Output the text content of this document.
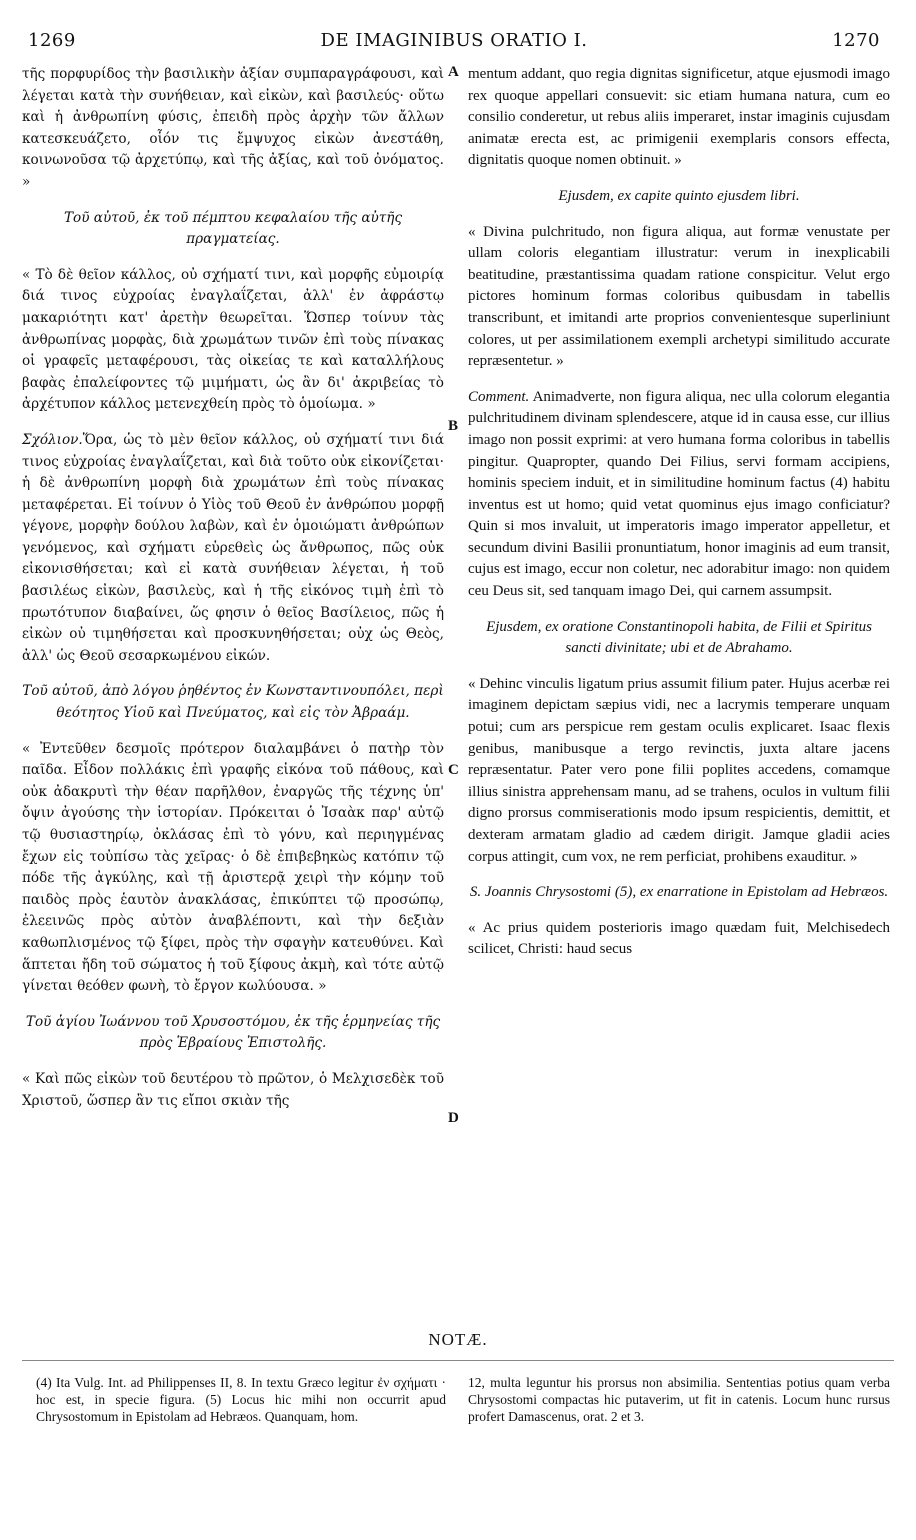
1269	DE IMAGINIBUS ORATIO I.	1270

τῆς πορφυρίδος τὴν βασιλικὴν ἀξίαν συμπαραγράφουσι, καὶ λέγεται κατὰ τὴν συνήθειαν, καὶ εἰκὼν, καὶ βασιλεύς· οὕτω καὶ ἡ ἀνθρωπίνη φύσις, ἐπειδὴ πρὸς ἀρχὴν τῶν ἄλλων κατεσκευάζετο, οἷόν τις ἔμψυχος εἰκὼν ἀνεστάθη, κοινωνοῦσα τῷ ἀρχετύπῳ, καὶ τῆς ἀξίας, καὶ τοῦ ὀνόματος. »

Τοῦ αὐτοῦ, ἐκ τοῦ πέμπτου κεφαλαίου τῆς αὐτῆς πραγματείας.

« Τὸ δὲ θεῖον κάλλος, οὐ σχήματί τινι, καὶ μορφῆς εὐμοιρίᾳ διά τινος εὐχροίας ἐναγλαΐζεται, ἀλλ' ἐν ἀφράστῳ μακαριότητι κατ' ἀρετὴν θεωρεῖται. Ὥσπερ τοίνυν τὰς ἀνθρωπίνας μορφὰς, διὰ χρωμάτων τινῶν ἐπὶ τοὺς πίνακας οἱ γραφεῖς μεταφέρουσι, τὰς οἰκείας τε καὶ καταλλήλους βαφὰς ἐπαλείφοντες τῷ μιμήματι, ὡς ἂν δι' ἀκριβείας τὸ ἀρχέτυπον κάλλος μετενεχθείη πρὸς τὸ ὁμοίωμα. »

Σχόλιον.Ὅρα, ὡς τὸ μὲν θεῖον κάλλος, οὐ σχήματί τινι διά τινος εὐχροίας ἐναγλαΐζεται, καὶ διὰ τοῦτο οὐκ εἰκονίζεται· ἡ δὲ ἀνθρωπίνη μορφὴ διὰ χρωμάτων ἐπὶ τοὺς πίνακας μεταφέρεται. Εἰ τοίνυν ὁ Υἱὸς τοῦ Θεοῦ ἐν ἀνθρώπου μορφῇ γέγονε, μορφὴν δούλου λαβὼν, καὶ ἐν ὁμοιώματι ἀνθρώπων γενόμενος, καὶ σχήματι εὑρεθεὶς ὡς ἄνθρωπος, πῶς οὐκ εἰκονισθήσεται; καὶ εἰ κατὰ συνήθειαν λέγεται, ἡ τοῦ βασιλέως εἰκὼν, βασιλεὺς, καὶ ἡ τῆς εἰκόνος τιμὴ ἐπὶ τὸ πρωτότυπον διαβαίνει, ὥς φησιν ὁ θεῖος Βασίλειος, πῶς ἡ εἰκὼν οὐ τιμηθήσεται καὶ προσκυνηθήσεται; οὐχ ὡς Θεὸς, ἀλλ' ὡς Θεοῦ σεσαρκωμένου εἰκών.

Τοῦ αὐτοῦ, ἀπὸ λόγου ῥηθέντος ἐν Κωνσταντινουπόλει, περὶ θεότητος Υἱοῦ καὶ Πνεύματος, καὶ εἰς τὸν Ἀβραάμ.

« Ἐντεῦθεν δεσμοῖς πρότερον διαλαμβάνει ὁ πατὴρ τὸν παῖδα. Εἶδον πολλάκις ἐπὶ γραφῆς εἰκόνα τοῦ πάθους, καὶ οὐκ ἀδακρυτὶ τὴν θέαν παρῆλθον, ἐναργῶς τῆς τέχνης ὑπ' ὄψιν ἀγούσης τὴν ἱστορίαν. Πρόκειται ὁ Ἰσαὰκ παρ' αὐτῷ τῷ θυσιαστηρίῳ, ὀκλάσας ἐπὶ τὸ γόνυ, καὶ περιηγμένας ἔχων εἰς τοὐπίσω τὰς χεῖρας· ὁ δὲ ἐπιβεβηκὼς κατόπιν τῷ πόδε τῆς ἀγκύλης, καὶ τῇ ἀριστερᾷ χειρὶ τὴν κόμην τοῦ παιδὸς πρὸς ἑαυτὸν ἀνακλάσας, ἐπικύπτει τῷ προσώπῳ, ἐλεεινῶς πρὸς αὐτὸν ἀναβλέποντι, καὶ τὴν δεξιὰν καθωπλισμένος τῷ ξίφει, πρὸς τὴν σφαγὴν κατευθύνει. Καὶ ἅπτεται ἤδη τοῦ σώματος ἡ τοῦ ξίφους ἀκμὴ, καὶ τότε αὐτῷ γίνεται θεόθεν φωνὴ, τὸ ἔργον κωλύουσα. »

Τοῦ ἁγίου Ἰωάννου τοῦ Χρυσοστόμου, ἐκ τῆς ἑρμηνείας τῆς πρὸς Ἑβραίους Ἐπιστολῆς.

« Καὶ πῶς εἰκὼν τοῦ δευτέρου τὸ πρῶτον, ὁ Μελχισεδὲκ τοῦ Χριστοῦ, ὥσπερ ἂν τις εἴποι σκιὰν τῆς

A
B
C
D

mentum addant, quo regia dignitas significetur, atque ejusmodi imago rex quoque appellari consuevit: sic etiam humana natura, cum eo consilio conderetur, ut rebus aliis imperaret, instar imaginis cujusdam animatæ erecta est, ac primigenii exemplaris consors effecta, dignitatis quoque nomen obtinuit. »

Ejusdem, ex capite quinto ejusdem libri.

« Divina pulchritudo, non figura aliqua, aut formæ venustate per ullam coloris elegantiam illustratur: verum in inexplicabili beatitudine, præstantissima quadam ratione conspicitur. Velut ergo pictores hominum formas coloribus quibusdam in tabellis transcribunt, et imitandi arte proprios convenientesque superliniunt colores, ut per assimilationem exempli archetypi similitudo accurate repræsentetur. »

Comment. Animadverte, non figura aliqua, nec ulla colorum elegantia pulchritudinem divinam splendescere, atque id in causa esse, cur illius imago non possit exprimi: at vero humana forma coloribus in tabellis pingitur. Quapropter, quando Dei Filius, servi formam accipiens, hominis speciem induit, et in similitudine hominum factus (4) habitu inventus est ut homo; quid vetat quominus ejus imago conficiatur? Quin si mos invaluit, ut imperatoris imago imperator appelletur, et secundum divini Basilii pronuntiatum, honor imaginis ad eum transit, cujus est imago, eccur non coletur, nec adorabitur imago: non quidem ceu Deus sit, sed tanquam imago Dei, qui carnem assumpsit.

Ejusdem, ex oratione Constantinopoli habita, de Filii et Spiritus sancti divinitate; ubi et de Abrahamo.

« Dehinc vinculis ligatum prius assumit filium pater. Hujus acerbæ rei imaginem depictam sæpius vidi, nec a lacrymis temperare unquam potui; cum ars perspicue rem gestam oculis explicaret. Isaac flexis genibus, manibusque a tergo revinctis, juxta altare jacens repræsentatur. Pater vero pone filii poplites accedens, comamque illius sinistra apprehensam manu, ad se trahens, oculos in vultum filii digno prorsus commiserationis modo ipsum respicientis, demittit, et dexteram armatam gladio ad cædem dirigit. Jamque gladii acies corpus attingit, cum vox, ne rem perficiat, prohibens exauditur. »

S. Joannis Chrysostomi (5), ex enarratione in Epistolam ad Hebræos.

« Ac prius quidem posterioris imago quædam fuit, Melchisedech scilicet, Christi: haud secus

NOTÆ.

(4) Ita Vulg. Int. ad Philippenses II, 8. In textu Græco legitur ἐν σχήματι · hoc est, in specie figura. (5) Locus hic mihi non occurrit apud Chrysostomum in Epistolam ad Hebræos. Quanquam, hom.

12, multa leguntur his prorsus non absimilia. Sententias potius quam verba Chrysostomi compactas hic putaverim, ut fit in catenis. Locum hunc rursus profert Damascenus, orat. 2 et 3.
